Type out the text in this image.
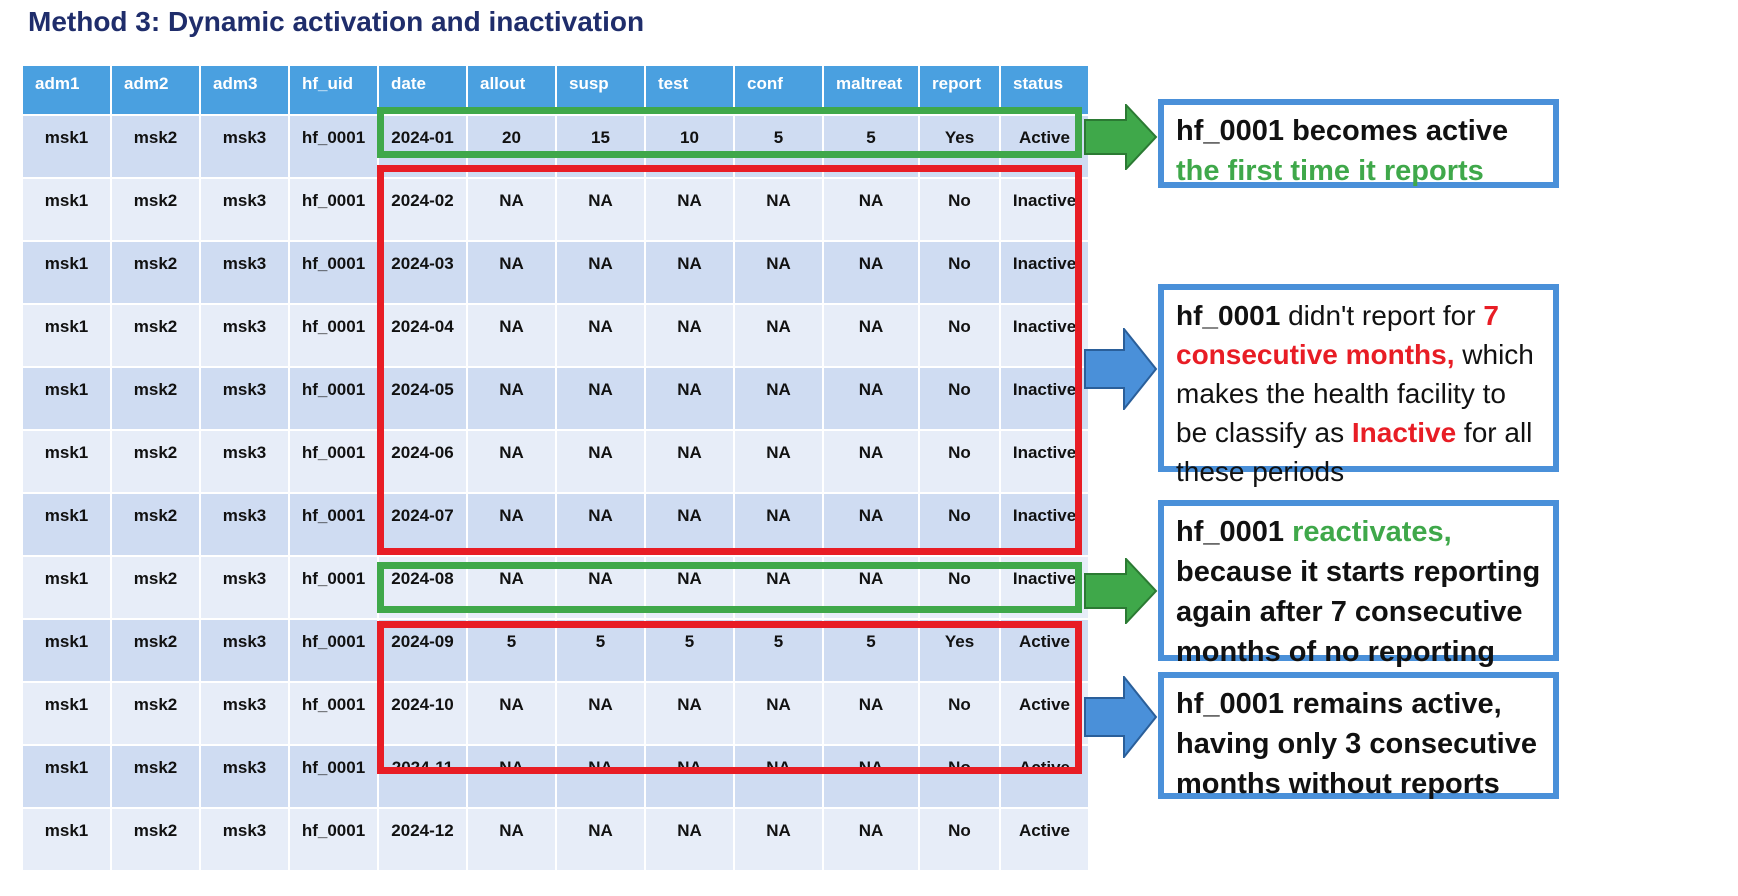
Method 3: Dynamic activation and inactivation
adm1	adm2	adm3	hf_uid	date	allout	susp	test	conf	maltreat	report	status
msk1	msk2	msk3	hf_0001	2024-01	20	15	10	5	5	Yes	Active
msk1	msk2	msk3	hf_0001	2024-02	NA	NA	NA	NA	NA	No	Inactive
msk1	msk2	msk3	hf_0001	2024-03	NA	NA	NA	NA	NA	No	Inactive
msk1	msk2	msk3	hf_0001	2024-04	NA	NA	NA	NA	NA	No	Inactive
msk1	msk2	msk3	hf_0001	2024-05	NA	NA	NA	NA	NA	No	Inactive
msk1	msk2	msk3	hf_0001	2024-06	NA	NA	NA	NA	NA	No	Inactive
msk1	msk2	msk3	hf_0001	2024-07	NA	NA	NA	NA	NA	No	Inactive
msk1	msk2	msk3	hf_0001	2024-08	NA	NA	NA	NA	NA	No	Inactive
msk1	msk2	msk3	hf_0001	2024-09	5	5	5	5	5	Yes	Active
msk1	msk2	msk3	hf_0001	2024-10	NA	NA	NA	NA	NA	No	Active
msk1	msk2	msk3	hf_0001	2024-11	NA	NA	NA	NA	NA	No	Active
msk1	msk2	msk3	hf_0001	2024-12	NA	NA	NA	NA	NA	No	Active
hf_0001 becomes active the first time it reports
hf_0001 didn't report for 7 consecutive months, which makes the health facility to be classify as Inactive for all these periods
hf_0001 reactivates, because it starts reporting again after 7 consecutive months of no reporting
hf_0001 remains active, having only 3 consecutive months without reports
